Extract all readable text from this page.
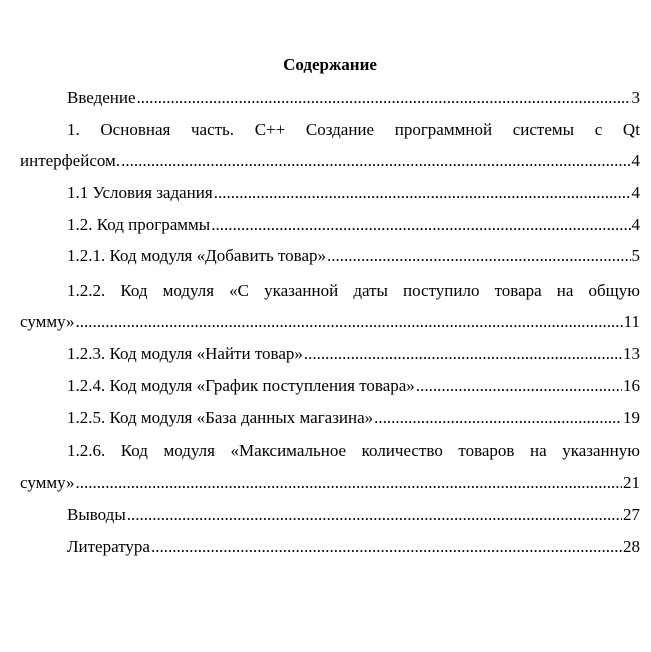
Содержание
Введение .....	3
1. Основная часть. C++ Создание программной системы с Qt
интерфейсом. .....	4
1.1 Условия задания .....	4
1.2. Код программы .....	4
1.2.1. Код модуля «Добавить товар» .....	5
1.2.2. Код модуля «С указанной даты поступило товара на общую
сумму» .....	11
1.2.3. Код модуля «Найти товар» .....	13
1.2.4. Код модуля «График поступления товара» .....	16
1.2.5. Код модуля «База данных магазина» .....	19
1.2.6. Код модуля «Максимальное количество товаров на указанную
сумму» .....	21
Выводы .....	27
Литература .....	28
